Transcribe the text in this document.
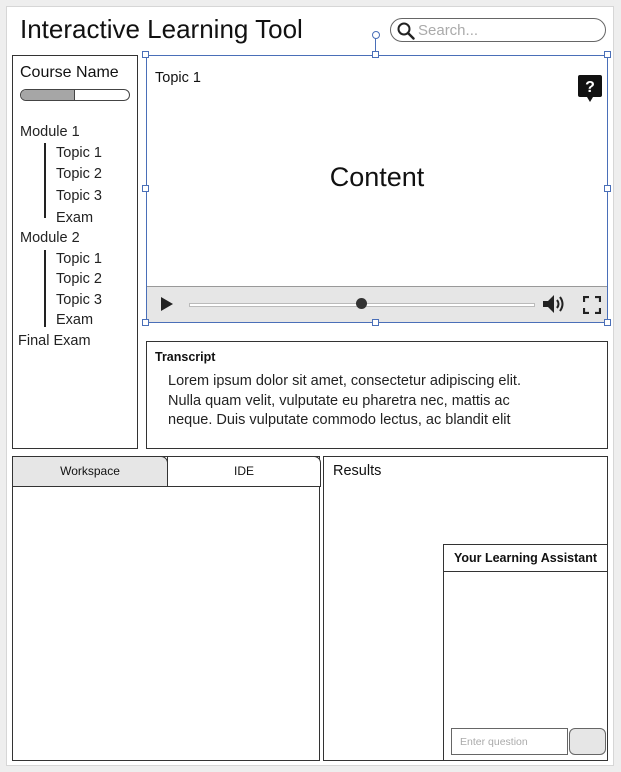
Interactive Learning Tool
Search...
Course Name
Module 1
Topic 1
Topic 2
Topic 3
Exam
Module 2
Topic 1
Topic 2
Topic 3
Exam
Final Exam
Topic 1
?
Content
Transcript
Lorem ipsum dolor sit amet, consectetur adipiscing elit. Nulla quam velit, vulputate eu pharetra nec, mattis ac neque. Duis vulputate commodo lectus, ac blandit elit
Workspace	IDE	Results
Your Learning Assistant
Enter question
